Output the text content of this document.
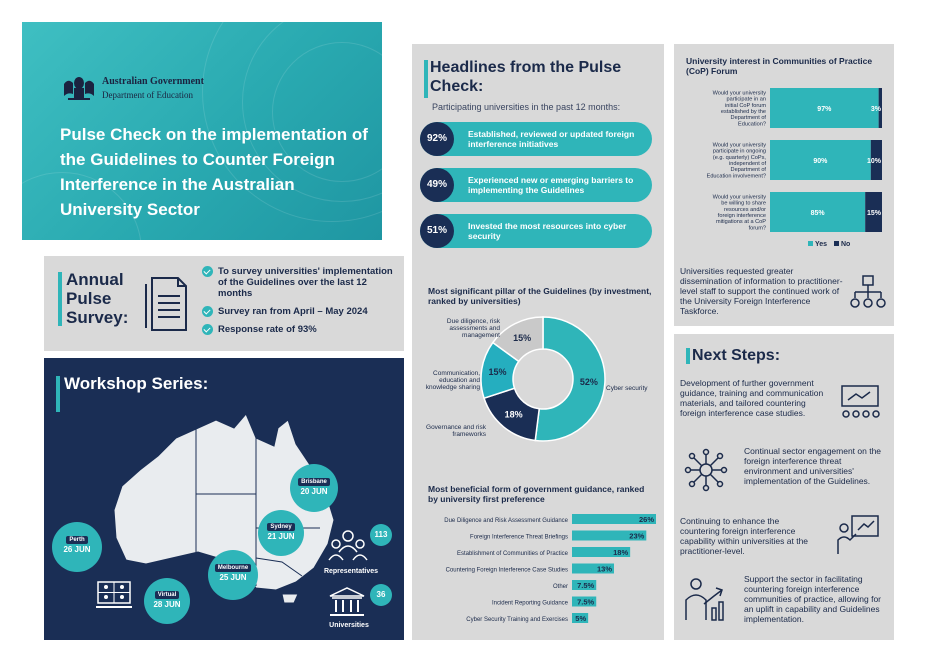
Australian Government
Department of Education
Pulse Check on the implementation of the Guidelines to Counter Foreign Interference in the Australian University Sector
Annual Pulse Survey:
To survey universities' implementation of the Guidelines over the last 12 months
Survey ran from April – May 2024
Response rate of 93%
Workshop Series:
Perth
26 JUN
Brisbane
20 JUN
Sydney
21 JUN
Melbourne
25 JUN
Virtual
28 JUN
113
Representatives
36
Universities
Headlines from the Pulse Check:
Participating universities in the past 12 months:
92%	Established, reviewed or updated foreign interference initiatives
49%	Experienced new or emerging barriers to implementing the Guidelines
51%	Invested the most resources into cyber security
Most significant pillar of the Guidelines (by investment, ranked by universities)
52%
18%
15%
15%
Cyber security
Governance and risk frameworks
Communication, education and knowledge sharing
Due diligence, risk assessments and management
Most beneficial form of government guidance, ranked by university first preference
Due Diligence and Risk Assessment Guidance	26%
Foreign Interference Threat Briefings	23%
Establishment of Communities of Practice	18%
Countering Foreign Interference Case Studies	13%
Other 7.5%
Incident Reporting Guidance 7.5%
Cyber Security Training and Exercises 5%
University interest in Communities of Practice (CoP) Forum
Would your university participate in an initial CoP forum established by the Department of Education?
97%	3%
Would your university participate in ongoing (e.g. quarterly) CoPs, independent of Department of Education involvement?
90%	10%
Would your university be willing to share resources and/or foreign interference mitigations at a CoP forum?
85%	15%
Yes No
Universities requested greater dissemination of information to practitioner-level staff to support the continued work of the University Foreign Interference Taskforce.
Next Steps:
Development of further government guidance, training and communication materials, and tailored countering foreign interference case studies.
Continual sector engagement on the foreign interference threat environment and universities' implementation of the Guidelines.
Continuing to enhance the countering foreign interference capability within universities at the practitioner-level.
Support the sector in facilitating countering foreign interference communities of practice, allowing for an uplift in capability and Guidelines implementation.
